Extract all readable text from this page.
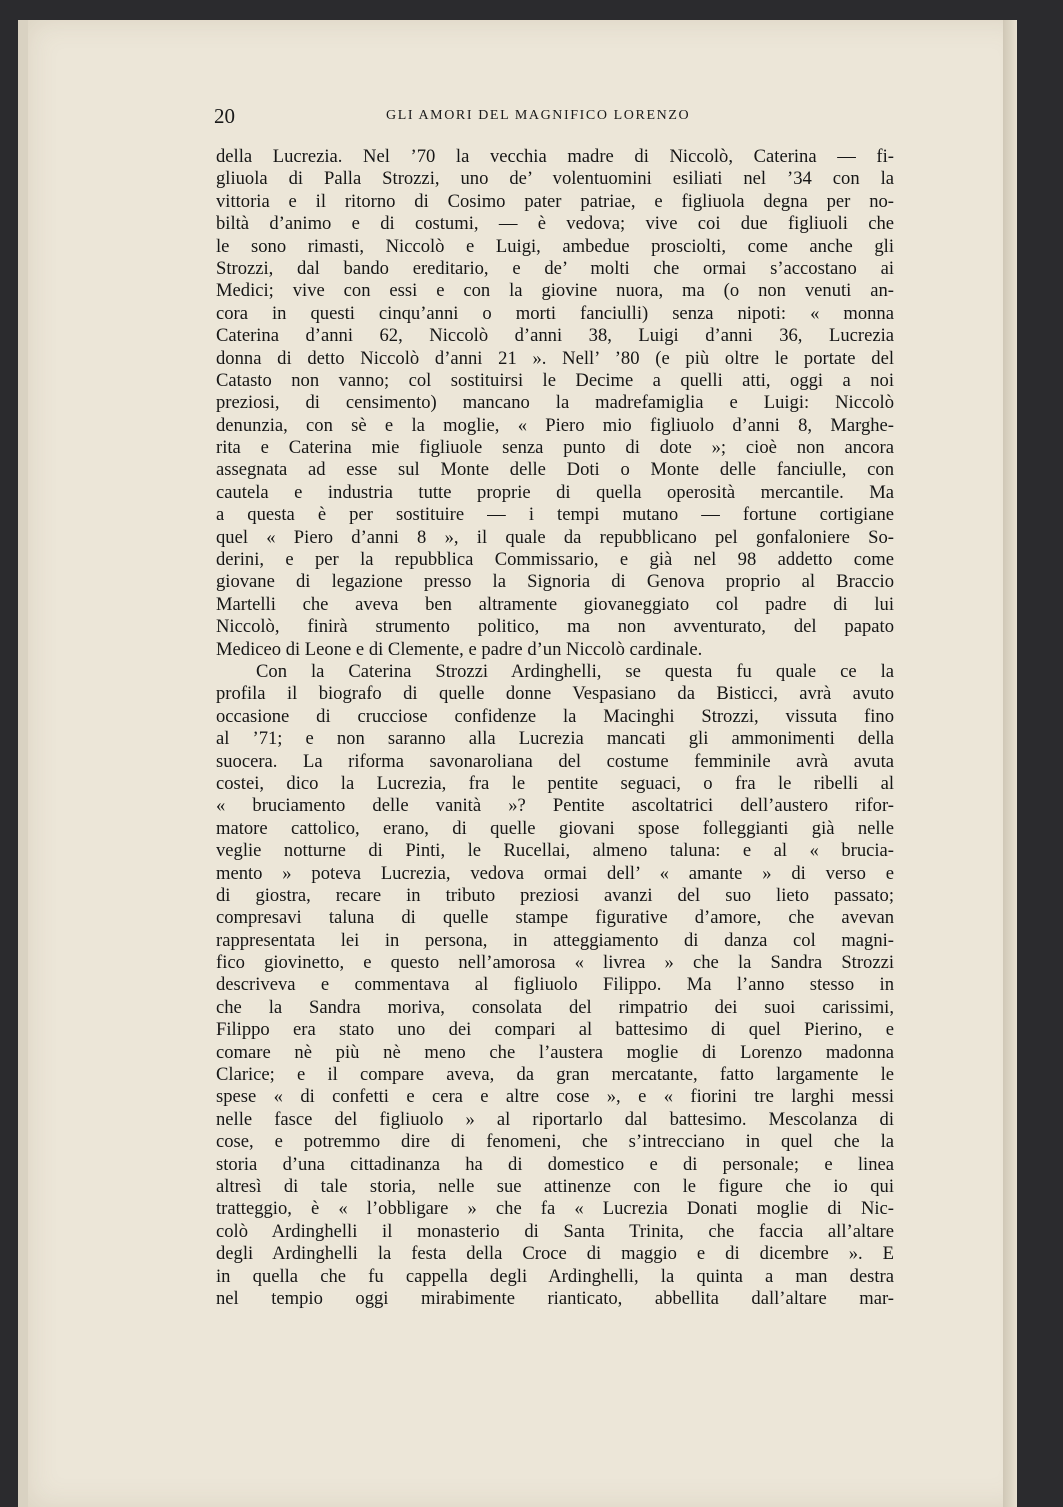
20	GLI AMORI DEL MAGNIFICO LORENZO
della Lucrezia. Nel ’70 la vecchia madre di Niccolò, Caterina — fi-
gliuola di Palla Strozzi, uno de’ volentuomini esiliati nel ’34 con la
vittoria e il ritorno di Cosimo pater patriae, e figliuola degna per no-
biltà d’animo e di costumi, — è vedova; vive coi due figliuoli che
le sono rimasti, Niccolò e Luigi, ambedue prosciolti, come anche gli
Strozzi, dal bando ereditario, e de’ molti che ormai s’accostano ai
Medici; vive con essi e con la giovine nuora, ma (o non venuti an-
cora in questi cinqu’anni o morti fanciulli) senza nipoti: « monna
Caterina d’anni 62, Niccolò d’anni 38, Luigi d’anni 36, Lucrezia
donna di detto Niccolò d’anni 21 ». Nell’ ’80 (e più oltre le portate del
Catasto non vanno; col sostituirsi le Decime a quelli atti, oggi a noi
preziosi, di censimento) mancano la madrefamiglia e Luigi: Niccolò
denunzia, con sè e la moglie, « Piero mio figliuolo d’anni 8, Marghe-
rita e Caterina mie figliuole senza punto di dote »; cioè non ancora
assegnata ad esse sul Monte delle Doti o Monte delle fanciulle, con
cautela e industria tutte proprie di quella operosità mercantile. Ma
a questa è per sostituire — i tempi mutano — fortune cortigiane
quel « Piero d’anni 8 », il quale da repubblicano pel gonfaloniere So-
derini, e per la repubblica Commissario, e già nel 98 addetto come
giovane di legazione presso la Signoria di Genova proprio al Braccio
Martelli che aveva ben altramente giovaneggiato col padre di lui
Niccolò, finirà strumento politico, ma non avventurato, del papato
Mediceo di Leone e di Clemente, e padre d’un Niccolò cardinale.
Con la Caterina Strozzi Ardinghelli, se questa fu quale ce la
profila il biografo di quelle donne Vespasiano da Bisticci, avrà avuto
occasione di crucciose confidenze la Macinghi Strozzi, vissuta fino
al ’71; e non saranno alla Lucrezia mancati gli ammonimenti della
suocera. La riforma savonaroliana del costume femminile avrà avuta
costei, dico la Lucrezia, fra le pentite seguaci, o fra le ribelli al
« bruciamento delle vanità »? Pentite ascoltatrici dell’austero rifor-
matore cattolico, erano, di quelle giovani spose folleggianti già nelle
veglie notturne di Pinti, le Rucellai, almeno taluna: e al « brucia-
mento » poteva Lucrezia, vedova ormai dell’ « amante » di verso e
di giostra, recare in tributo preziosi avanzi del suo lieto passato;
compresavi taluna di quelle stampe figurative d’amore, che avevan
rappresentata lei in persona, in atteggiamento di danza col magni-
fico giovinetto, e questo nell’amorosa « livrea » che la Sandra Strozzi
descriveva e commentava al figliuolo Filippo. Ma l’anno stesso in
che la Sandra moriva, consolata del rimpatrio dei suoi carissimi,
Filippo era stato uno dei compari al battesimo di quel Pierino, e
comare nè più nè meno che l’austera moglie di Lorenzo madonna
Clarice; e il compare aveva, da gran mercatante, fatto largamente le
spese « di confetti e cera e altre cose », e « fiorini tre larghi messi
nelle fasce del figliuolo » al riportarlo dal battesimo. Mescolanza di
cose, e potremmo dire di fenomeni, che s’intrecciano in quel che la
storia d’una cittadinanza ha di domestico e di personale; e linea
altresì di tale storia, nelle sue attinenze con le figure che io qui
tratteggio, è « l’obbligare » che fa « Lucrezia Donati moglie di Nic-
colò Ardinghelli il monasterio di Santa Trinita, che faccia all’altare
degli Ardinghelli la festa della Croce di maggio e di dicembre ». E
in quella che fu cappella degli Ardinghelli, la quinta a man destra
nel tempio oggi mirabimente rianticato, abbellita dall’altare mar-
